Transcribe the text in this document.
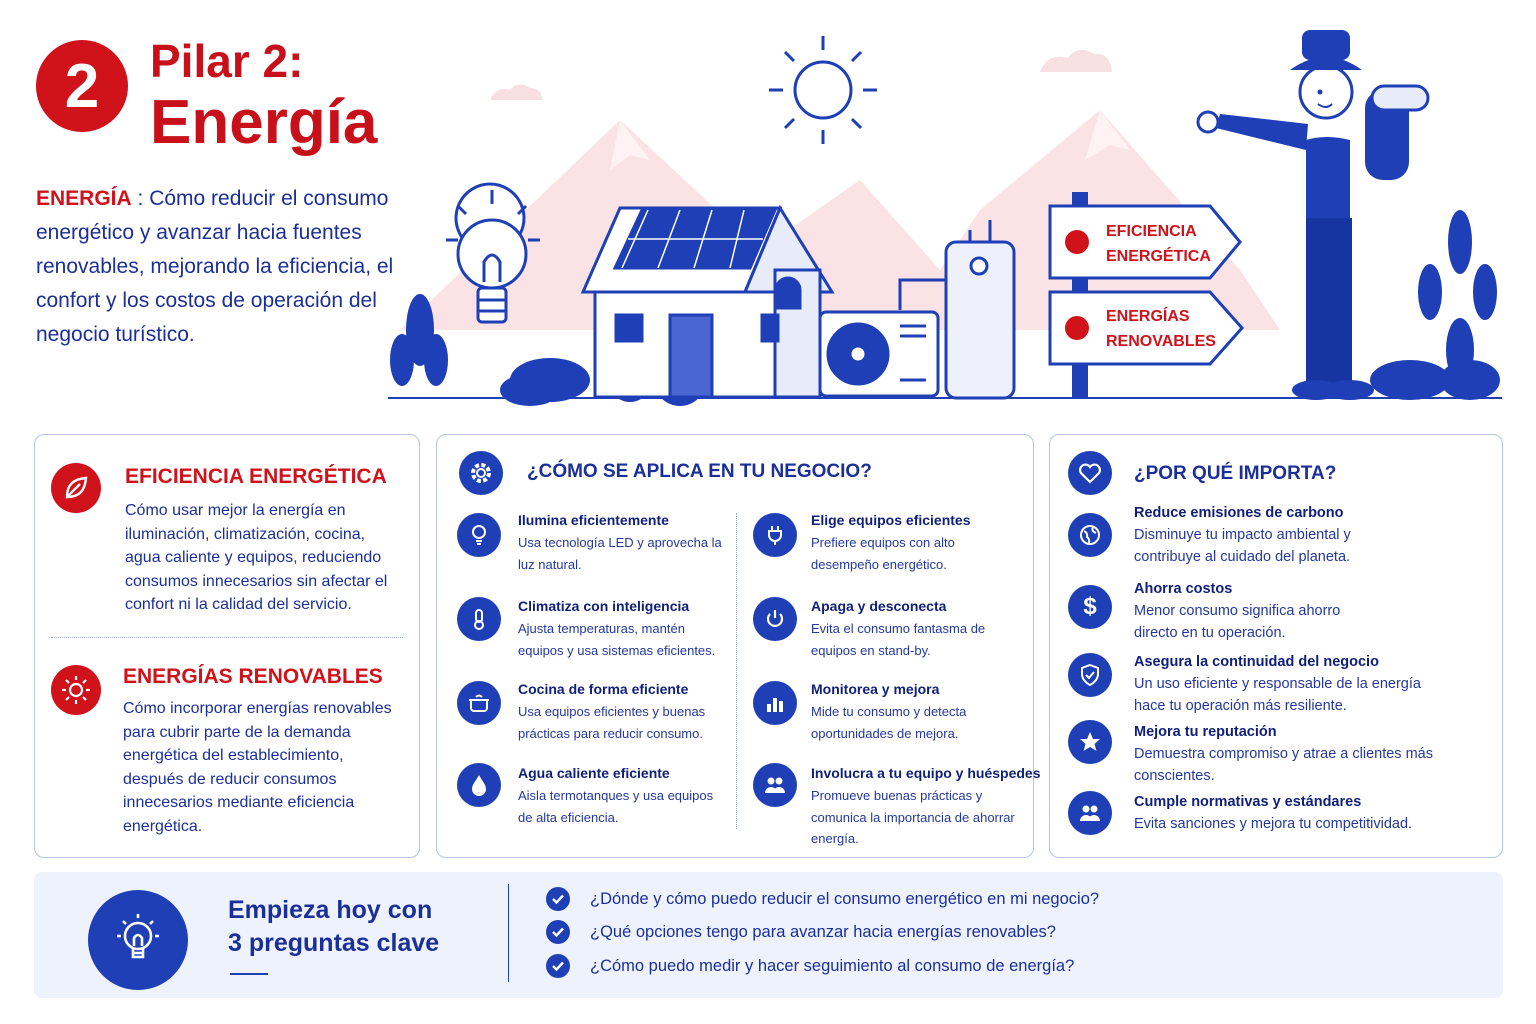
2 Pilar 2:
Energía

ENERGÍA : Cómo reducir el consumo energético y avanzar hacia fuentes renovables, mejorando la eficiencia, el confort y los costos de operación del negocio turístico.

EFICIENCIA
ENERGÉTICA
ENERGÍAS
RENOVABLES
EFICIENCIA ENERGÉTICA

Cómo usar mejor la energía en iluminación, climatización, cocina, agua caliente y equipos, reduciendo consumos innecesarios sin afectar el confort ni la calidad del servicio.

ENERGÍAS RENOVABLES

Cómo incorporar energías renovables para cubrir parte de la demanda energética del establecimiento, después de reducir consumos innecesarios mediante eficiencia energética.

¿CÓMO SE APLICA EN TU NEGOCIO?
Ilumina eficientemente

Usa tecnología LED y aprovecha la luz natural.

Climatiza con inteligencia

Ajusta temperaturas, mantén equipos y usa sistemas eficientes.

Cocina de forma eficiente

Usa equipos eficientes y buenas prácticas para reducir consumo.

Agua caliente eficiente

Aisla termotanques y usa equipos de alta eficiencia.

Elige equipos eficientes

Prefiere equipos con alto desempeño energético.

Apaga y desconecta

Evita el consumo fantasma de equipos en stand-by.

Monitorea y mejora

Mide tu consumo y detecta oportunidades de mejora.

Involucra a tu equipo y huéspedes

Promueve buenas prácticas y comunica la importancia de ahorrar energía.

¿POR QUÉ IMPORTA?
Reduce emisiones de carbono

Disminuye tu impacto ambiental y contribuye al cuidado del planeta.

$
Ahorra costos

Menor consumo significa ahorro directo en tu operación.

Asegura la continuidad del negocio

Un uso eficiente y responsable de la energía hace tu operación más resiliente.

Mejora tu reputación

Demuestra compromiso y atrae a clientes más conscientes.

Cumple normativas y estándares

Evita sanciones y mejora tu competitividad.

Empieza hoy con
3 preguntas clave
¿Dónde y cómo puedo reducir el consumo energético en mi negocio?
¿Qué opciones tengo para avanzar hacia energías renovables?
¿Cómo puedo medir y hacer seguimiento al consumo de energía?
